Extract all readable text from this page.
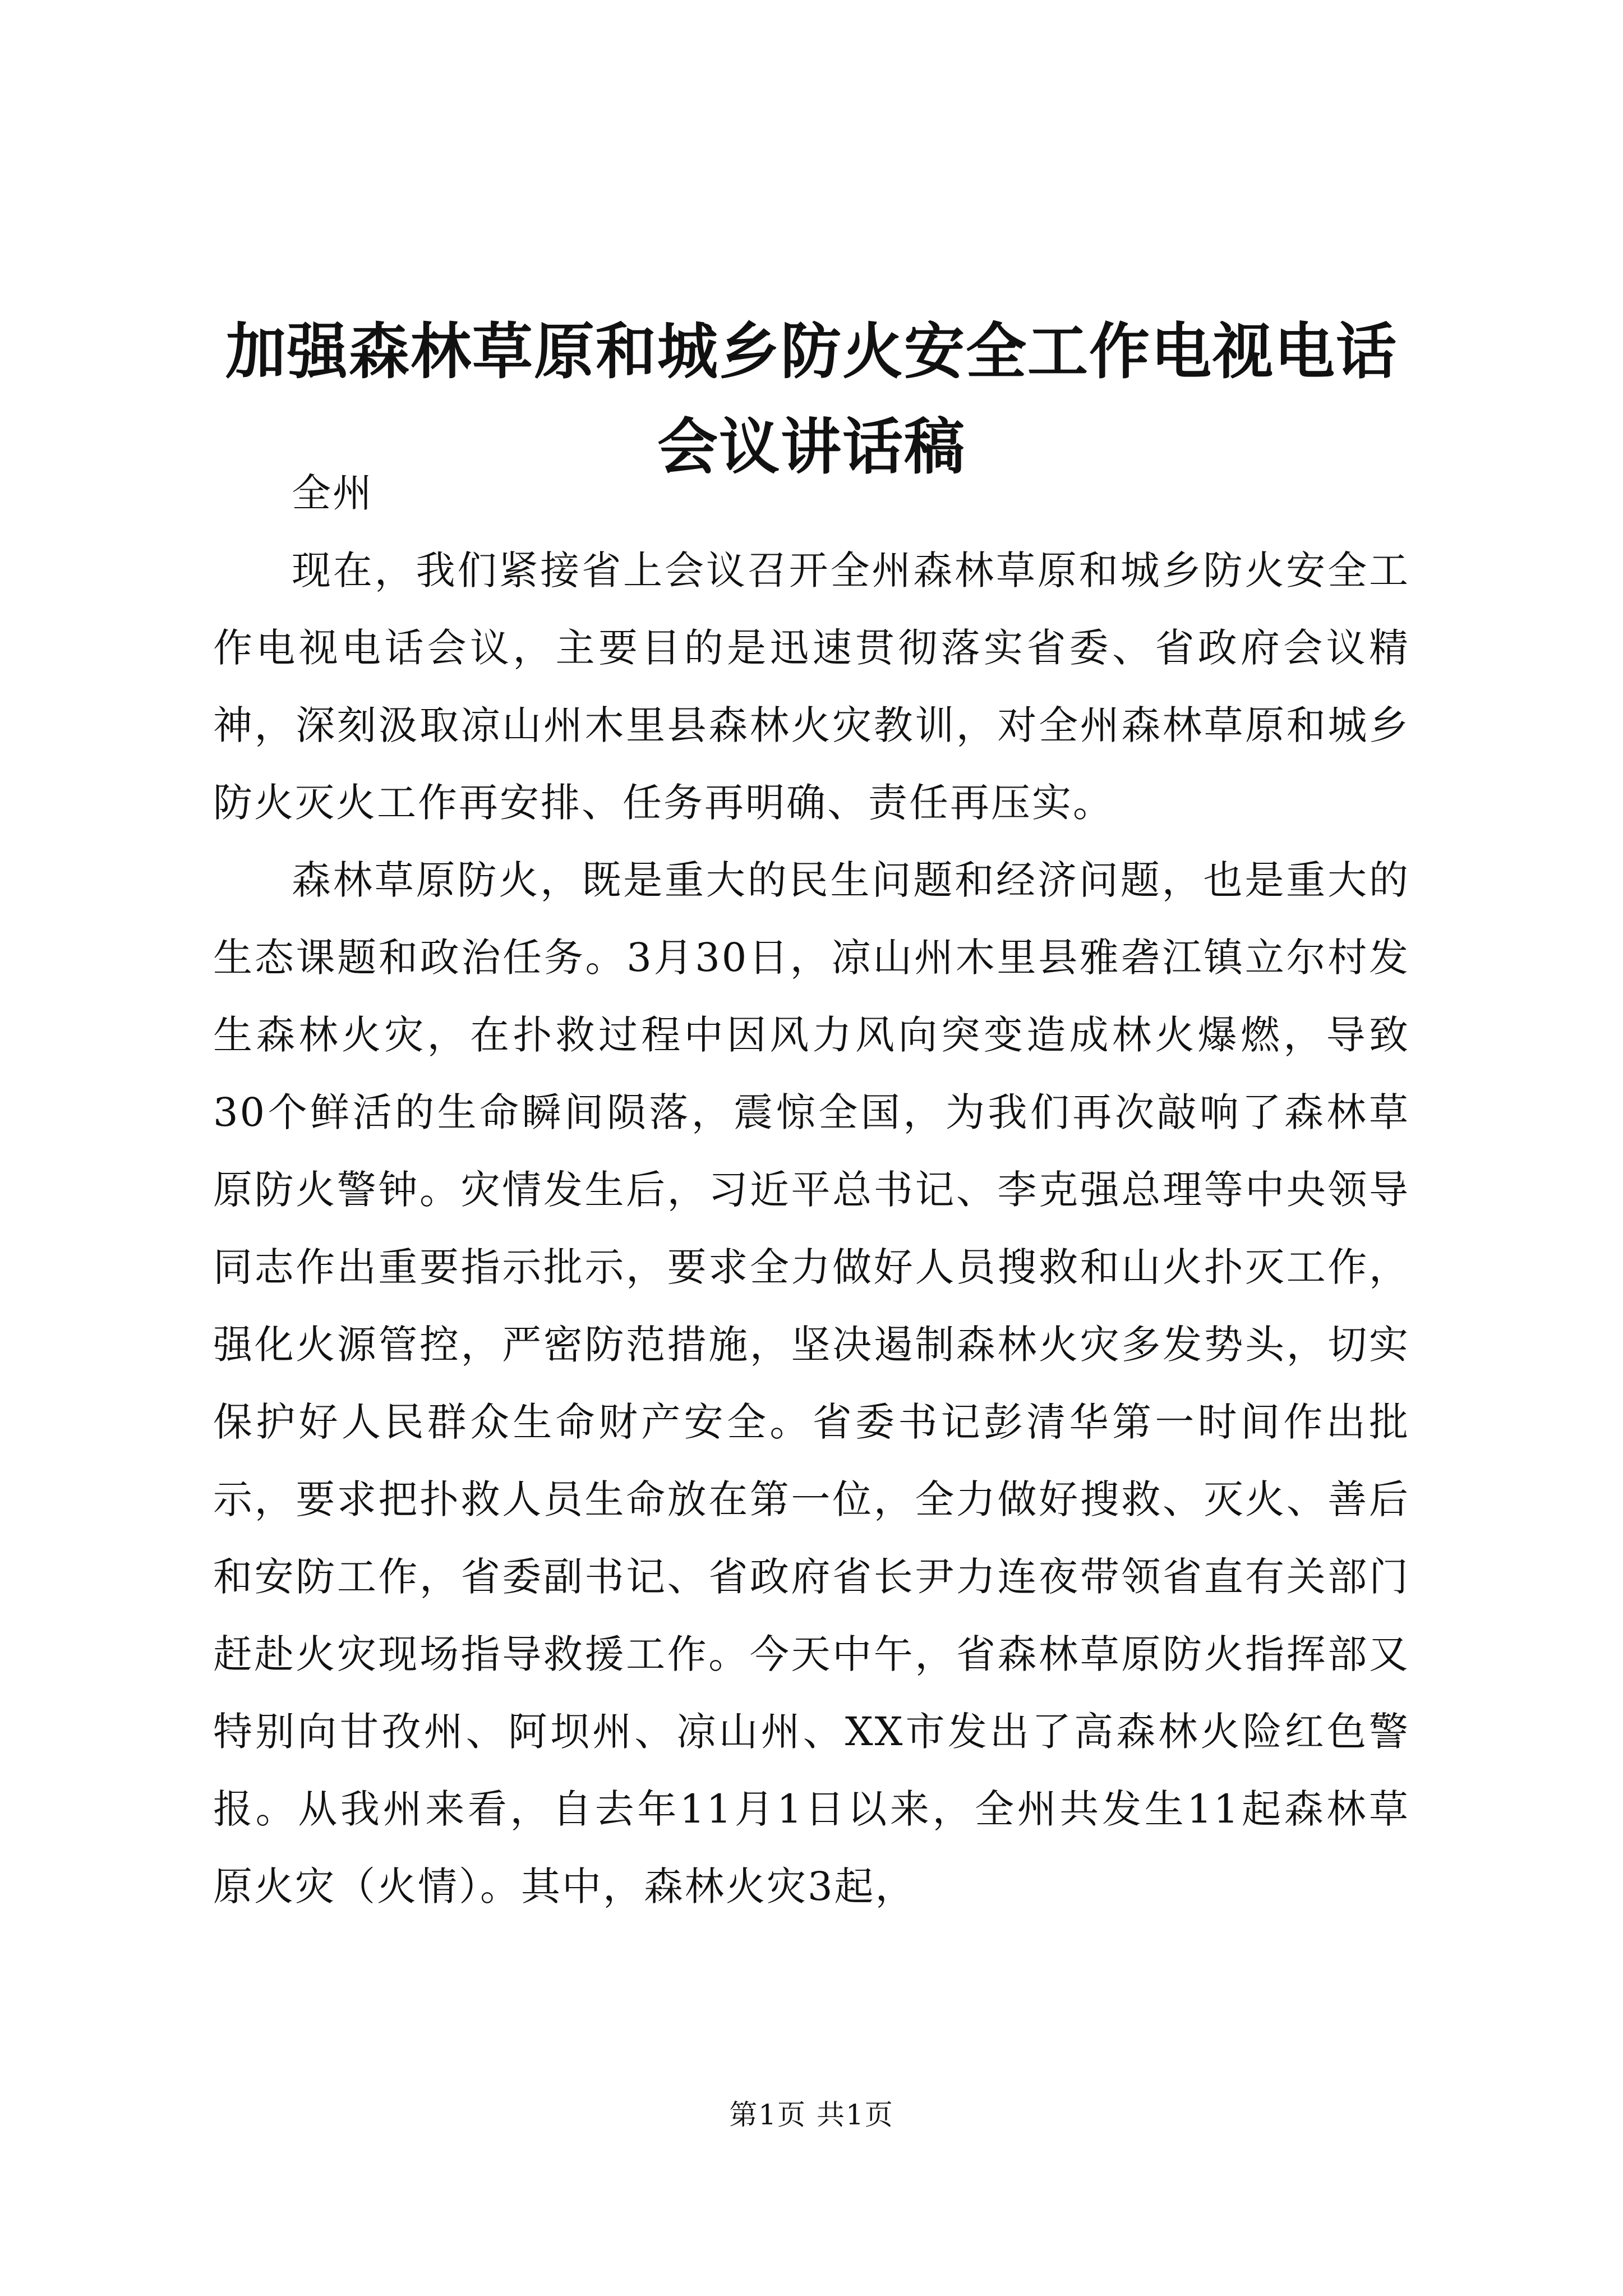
加强森林草原和城乡防火安全工作电视电话会议讲话稿
全州

现在，我们紧接省上会议召开全州森林草原和城乡防火安全工作电视电话会议，主要目的是迅速贯彻落实省委、省政府会议精神，深刻汲取凉山州木里县森林火灾教训，对全州森林草原和城乡防火灭火工作再安排、任务再明确、责任再压实。

森林草原防火，既是重大的民生问题和经济问题，也是重大的生态课题和政治任务。3月30日，凉山州木里县雅砻江镇立尔村发生森林火灾，在扑救过程中因风力风向突变造成林火爆燃，导致30个鲜活的生命瞬间陨落，震惊全国，为我们再次敲响了森林草原防火警钟。灾情发生后，习近平总书记、李克强总理等中央领导同志作出重要指示批示，要求全力做好人员搜救和山火扑灭工作，强化火源管控，严密防范措施，坚决遏制森林火灾多发势头，切实保护好人民群众生命财产安全。省委书记彭清华第一时间作出批示，要求把扑救人员生命放在第一位，全力做好搜救、灭火、善后和安防工作，省委副书记、省政府省长尹力连夜带领省直有关部门赶赴火灾现场指导救援工作。今天中午，省森林草原防火指挥部又特别向甘孜州、阿坝州、凉山州、XX市发出了高森林火险红色警报。从我州来看，自去年11月1日以来，全州共发生11起森林草原火灾（火情）。其中，森林火灾3起，

第1页 共1页
